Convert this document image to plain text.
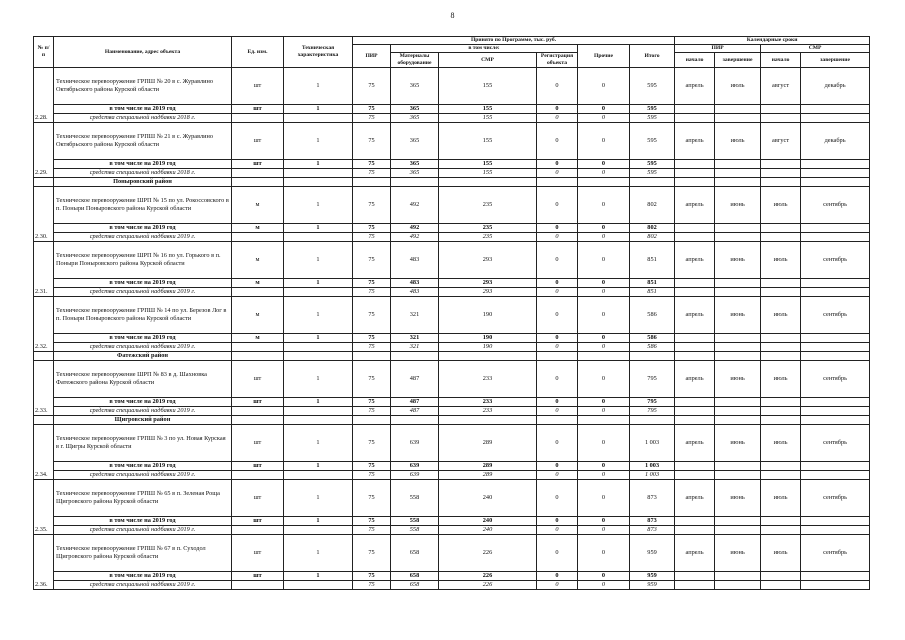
8
№ п/п	Наименование, адрес объекта	Ед. изм.	Техническая характеристика	Принято по Программе, тыс. руб.						Календарные сроки	
				ПИР	в том числе:			Прочие	Итого	ПИР		СМР		
					Материалы оборудование	СМР	Регистрация объекта			начало	завершение	начало	завершение	

2.28.	Техническое перевооружение ГРПШ № 20 в с. Журавлино Октябрьского района Курской области	шт	1	75	365	155	0	0	595	апрель	июль	август	декабрь	
	в том числе на 2019 год	шт	1	75	365	155	0	0	595					
	средства специальной надбавки 2018 г.			75	365	155	0	0	595					
2.29.	Техническое перевооружение ГРПШ № 21 в с. Журавлино Октябрьского района Курской области	шт	1	75	365	155	0	0	595	апрель	июль	август	декабрь	
	в том числе на 2019 год	шт	1	75	365	155	0	0	595					
	средства специальной надбавки 2018 г.			75	365	155	0	0	595					
	Поныровский район													
2.30.	Техническое перевооружение ШРП № 15 по ул. Рокоссовского в п. Поныри Поныровского района Курской области	м	1	75	492	235	0	0	802	апрель	июнь	июль	сентябрь	
	в том числе на 2019 год	м	1	75	492	235	0	0	802					
	средства специальной надбавки 2019 г.			75	492	235	0	0	802					
2.31.	Техническое перевооружение ШРП № 16 по ул. Горького в п. Поныри Поныровского района Курской области	м	1	75	483	293	0	0	851	апрель	июнь	июль	сентябрь	
	в том числе на 2019 год	м	1	75	483	293	0	0	851					
	средства специальной надбавки 2019 г.			75	483	293	0	0	851					
2.32.	Техническое перевооружение ГРПШ № 14 по ул. Березов Лог в п. Поныри Поныровского района Курской области	м	1	75	321	190	0	0	586	апрель	июнь	июль	сентябрь	
	в том числе на 2019 год	м	1	75	321	190	0	0	586					
	средства специальной надбавки 2019 г.			75	321	190	0	0	586					
	Фатежский район													
2.33.	Техническое перевооружение ШРП № 83 в д. Шахновка Фатежского района Курской области	шт	1	75	487	233	0	0	795	апрель	июнь	июль	сентябрь	
	в том числе на 2019 год	шт	1	75	487	233	0	0	795					
	средства специальной надбавки 2019 г.			75	487	233	0	0	795					
	Щигровский район													
2.34.	Техническое перевооружение ГРПШ № 3 по ул. Новая Курская в г. Щигры Курской области	шт	1	75	639	289	0	0	1 003	апрель	июнь	июль	сентябрь	
	в том числе на 2019 год	шт	1	75	639	289	0	0	1 003					
	средства специальной надбавки 2019 г.			75	639	289	0	0	1 003					
2.35.	Техническое перевооружение ГРПШ № 65 в п. Зеленая Роща Щигровского района Курской области	шт	1	75	558	240	0	0	873	апрель	июнь	июль	сентябрь	
	в том числе на 2019 год	шт	1	75	558	240	0	0	873					
	средства специальной надбавки 2019 г.			75	558	240	0	0	873					
2.36.	Техническое перевооружение ГРПШ № 67 в п. Суходол Щигровского района Курской области	шт	1	75	658	226	0	0	959	апрель	июнь	июль	сентябрь	
	в том числе на 2019 год	шт	1	75	658	226	0	0	959					
	средства специальной надбавки 2019 г.			75	658	226	0	0	959					
